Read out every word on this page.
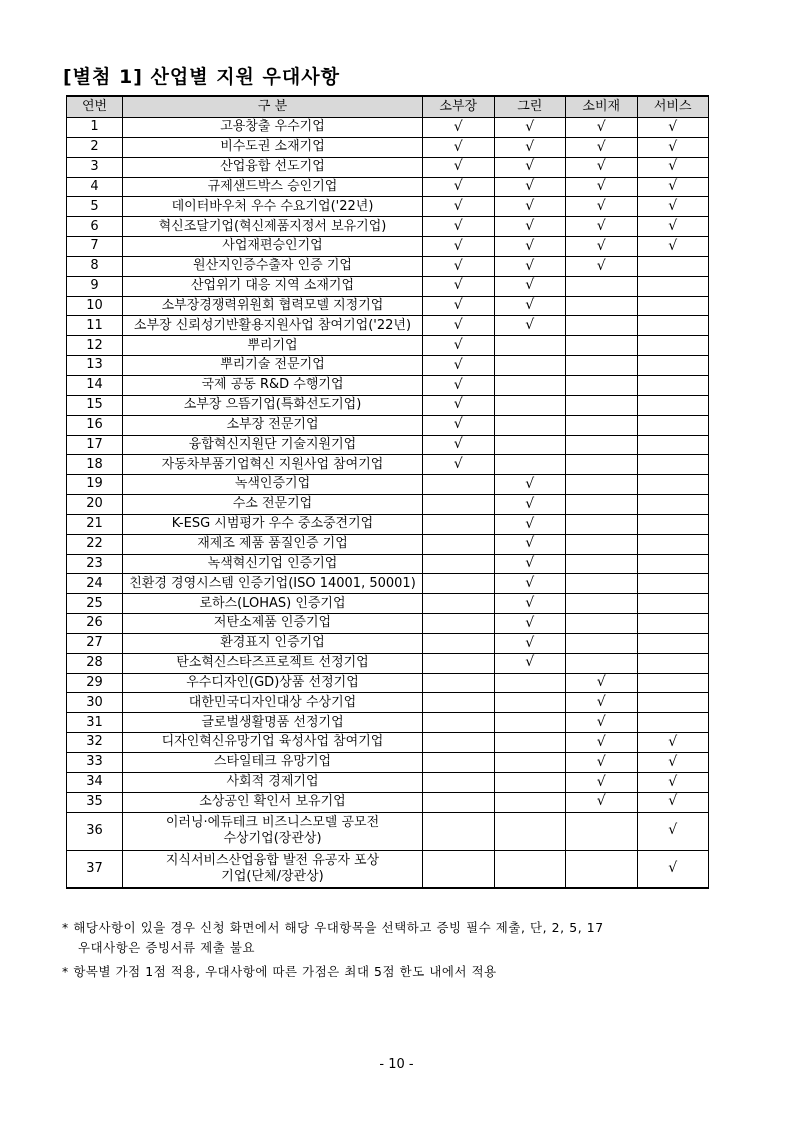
[별첨 1] 산업별 지원 우대사항
연번	구 분	소부장	그린	소비재	서비스
1	고용창출 우수기업	√	√	√	√
2	비수도권 소재기업	√	√	√	√
3	산업융합 선도기업	√	√	√	√
4	규제샌드박스 승인기업	√	√	√	√
5	데이터바우처 우수 수요기업('22년)	√	√	√	√
6	혁신조달기업(혁신제품지정서 보유기업)	√	√	√	√
7	사업재편승인기업	√	√	√	√
8	원산지인증수출자 인증 기업	√	√	√	
9	산업위기 대응 지역 소재기업	√	√		
10	소부장경쟁력위원회 협력모델 지정기업	√	√		
11	소부장 신뢰성기반활용지원사업 참여기업('22년)	√	√		
12	뿌리기업	√			
13	뿌리기술 전문기업	√			
14	국제 공동 R&D 수행기업	√			
15	소부장 으뜸기업(특화선도기업)	√			
16	소부장 전문기업	√			
17	융합혁신지원단 기술지원기업	√			
18	자동차부품기업혁신 지원사업 참여기업	√			
19	녹색인증기업		√		
20	수소 전문기업		√		
21	K-ESG 시범평가 우수 중소중견기업		√		
22	재제조 제품 품질인증 기업		√		
23	녹색혁신기업 인증기업		√		
24	친환경 경영시스템 인증기업(ISO 14001, 50001)		√		
25	로하스(LOHAS) 인증기업		√		
26	저탄소제품 인증기업		√		
27	환경표지 인증기업		√		
28	탄소혁신스타즈프로젝트 선정기업		√		
29	우수디자인(GD)상품 선정기업			√	
30	대한민국디자인대상 수상기업			√	
31	글로벌생활명품 선정기업			√	
32	디자인혁신유망기업 육성사업 참여기업			√	√
33	스타일테크 유망기업			√	√
34	사회적 경제기업			√	√
35	소상공인 확인서 보유기업			√	√
36	이러닝·에듀테크 비즈니스모델 공모전
수상기업(장관상)				√
37	지식서비스산업융합 발전 유공자 포상
기업(단체/장관상)				√
* 해당사항이 있을 경우 신청 화면에서 해당 우대항목을 선택하고 증빙 필수 제출, 단, 2, 5, 17
우대사항은 증빙서류 제출 불요
* 항목별 가점 1점 적용, 우대사항에 따른 가점은 최대 5점 한도 내에서 적용
- 10 -
